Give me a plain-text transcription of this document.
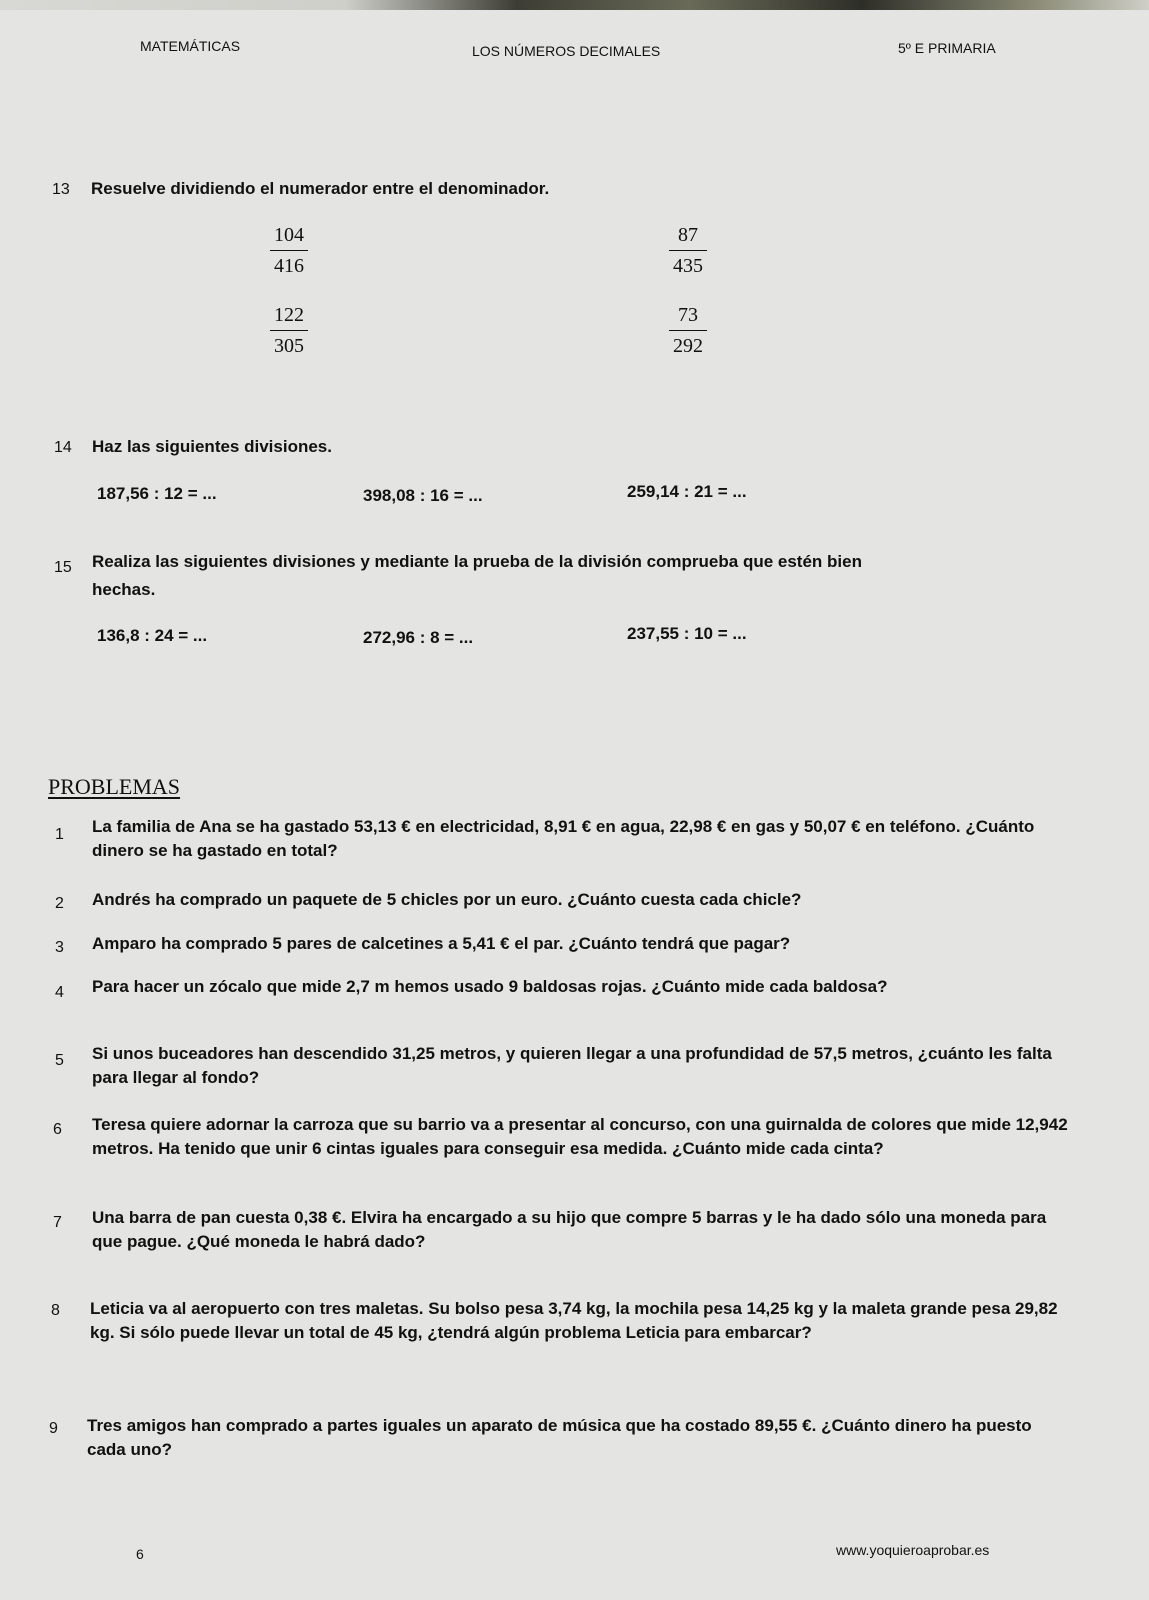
MATEMÁTICAS	LOS NÚMEROS DECIMALES	5º E PRIMARIA
13 Resuelve dividiendo el numerador entre el denominador.
104
416
87
435
122
305
73
292
14 Haz las siguientes divisiones.
187,56 : 12 = ...	398,08 : 16 = ...	259,14 : 21 = ...
15 Realiza las siguientes divisiones y mediante la prueba de la división comprueba que estén bien
hechas.
136,8 : 24 = ...	272,96 : 8 = ...	237,55 : 10 = ...
PROBLEMAS
1 La familia de Ana se ha gastado 53,13 € en electricidad, 8,91 € en agua, 22,98 € en gas y 50,07 € en teléfono. ¿Cuánto dinero se ha gastado en total?
2 Andrés ha comprado un paquete de 5 chicles por un euro. ¿Cuánto cuesta cada chicle?
3 Amparo ha comprado 5 pares de calcetines a 5,41 € el par. ¿Cuánto tendrá que pagar?
4 Para hacer un zócalo que mide 2,7 m hemos usado 9 baldosas rojas. ¿Cuánto mide cada baldosa?
5 Si unos buceadores han descendido 31,25 metros, y quieren llegar a una profundidad de 57,5 metros, ¿cuánto les falta para llegar al fondo?
6 Teresa quiere adornar la carroza que su barrio va a presentar al concurso, con una guirnalda de colores que mide 12,942 metros. Ha tenido que unir 6 cintas iguales para conseguir esa medida. ¿Cuánto mide cada cinta?
7 Una barra de pan cuesta 0,38 €. Elvira ha encargado a su hijo que compre 5 barras y le ha dado sólo una moneda para que pague. ¿Qué moneda le habrá dado?
8 Leticia va al aeropuerto con tres maletas. Su bolso pesa 3,74 kg, la mochila pesa 14,25 kg y la maleta grande pesa 29,82 kg. Si sólo puede llevar un total de 45 kg, ¿tendrá algún problema Leticia para embarcar?
9 Tres amigos han comprado a partes iguales un aparato de música que ha costado 89,55 €. ¿Cuánto dinero ha puesto cada uno?
6	www.yoquieroaprobar.es
